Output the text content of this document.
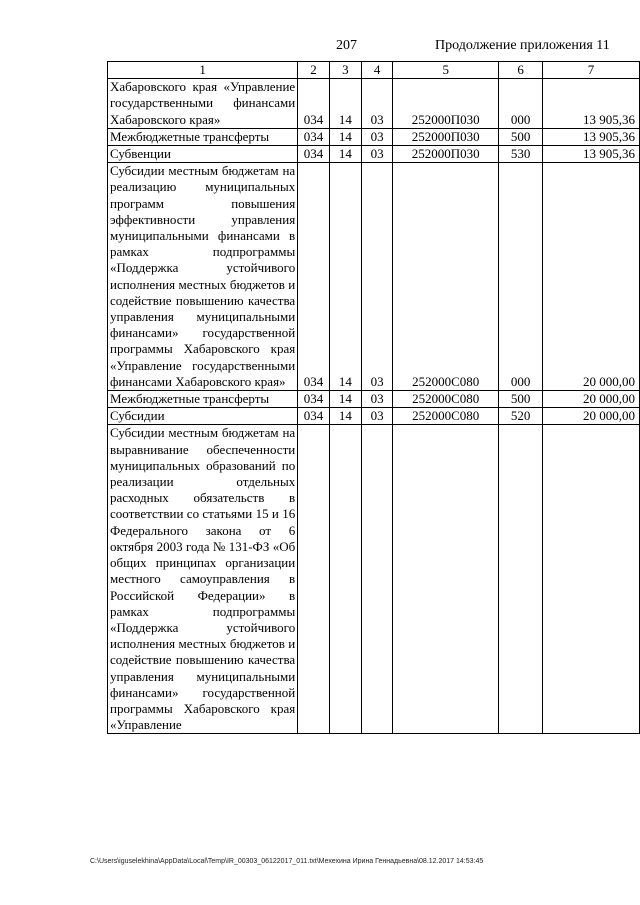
207	Продолжение приложения 11
1	2	3	4	5	6	7
Хабаровского края «Управление государственными финансами Хабаровского края»	034	14	03	252000П030	000	13 905,36
Межбюджетные трансферты	034	14	03	252000П030	500	13 905,36
Субвенции	034	14	03	252000П030	530	13 905,36
Субсидии местным бюджетам на реализацию муниципальных программ повышения эффективности управления муниципальными финансами в рамках подпрограммы «Поддержка устойчивого исполнения местных бюджетов и содействие повышению качества управления муниципальными финансами» государственной программы Хабаровского края «Управление государственными финансами Хабаровского края»	034	14	03	252000С080	000	20 000,00
Межбюджетные трансферты	034	14	03	252000С080	500	20 000,00
Субсидии	034	14	03	252000С080	520	20 000,00
Субсидии местным бюджетам на выравнивание обеспеченности муниципальных образований по реализации отдельных расходных обязательств в соответствии со статьями 15 и 16 Федерального закона от 6 октября 2003 года № 131-ФЗ «Об общих принципах организации местного самоуправления в Российской Федерации» в рамках подпрограммы «Поддержка устойчивого исполнения местных бюджетов и содействие повышению качества управления муниципальными финансами» государственной программы Хабаровского края «Управление						
C:\Users\iguselekhina\AppData\Local\Temp\IR_00303_06122017_011.txt\Мехехина Ирина Геннадьевна\08.12.2017 14:53:45
